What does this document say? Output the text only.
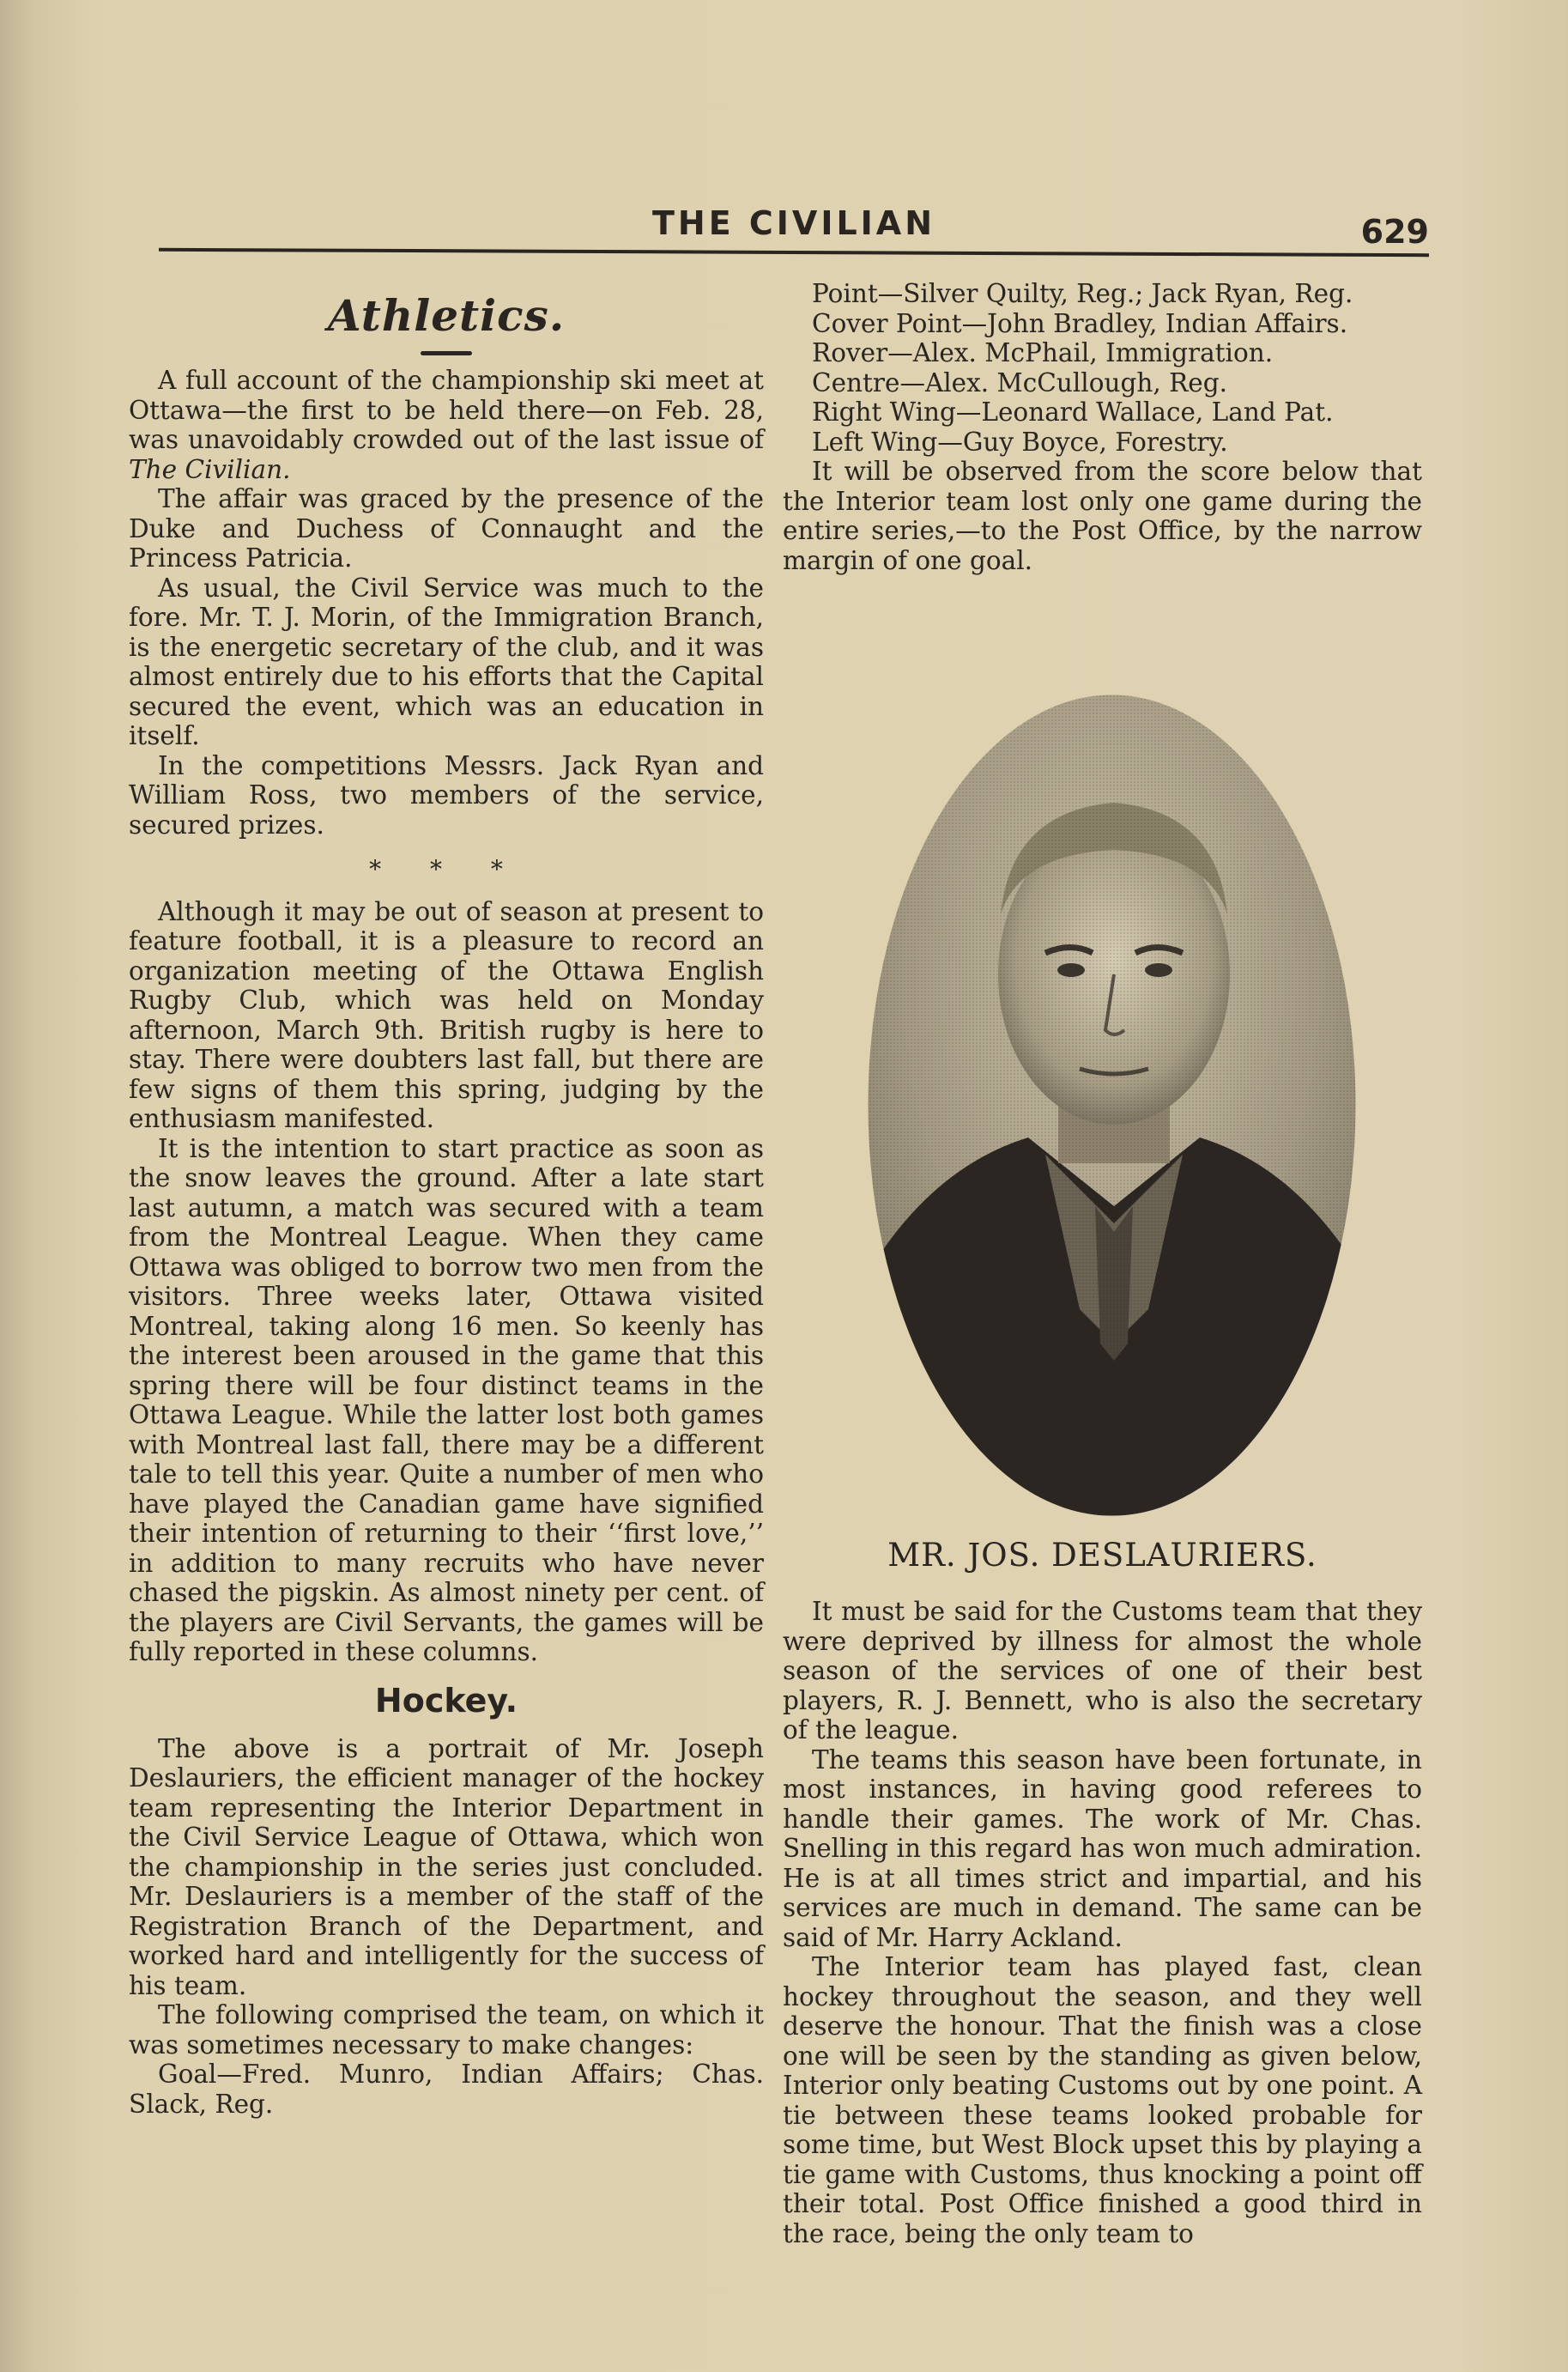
THE CIVILIAN	629
Athletics.

A full account of the championship ski meet at Ottawa—the first to be held there—on Feb. 28, was unavoidably crowded out of the last issue of The Civilian.

The affair was graced by the presence of the Duke and Duchess of Connaught and the Princess Patricia.

As usual, the Civil Service was much to the fore. Mr. T. J. Morin, of the Immigration Branch, is the energetic secretary of the club, and it was almost entirely due to his efforts that the Capital secured the event, which was an education in itself.

In the competitions Messrs. Jack Ryan and William Ross, two members of the service, secured prizes.

* * *

Although it may be out of season at present to feature football, it is a pleasure to record an organization meeting of the Ottawa English Rugby Club, which was held on Monday afternoon, March 9th. British rugby is here to stay. There were doubters last fall, but there are few signs of them this spring, judging by the enthusiasm manifested.

It is the intention to start practice as soon as the snow leaves the ground. After a late start last autumn, a match was secured with a team from the Montreal League. When they came Ottawa was obliged to borrow two men from the visitors. Three weeks later, Ottawa visited Montreal, taking along 16 men. So keenly has the interest been aroused in the game that this spring there will be four distinct teams in the Ottawa League. While the latter lost both games with Montreal last fall, there may be a different tale to tell this year. Quite a number of men who have played the Canadian game have signified their intention of returning to their ‘‘first love,’’ in addition to many recruits who have never chased the pigskin. As almost ninety per cent. of the players are Civil Servants, the games will be fully reported in these columns.

Hockey.

The above is a portrait of Mr. Joseph Deslauriers, the efficient manager of the hockey team representing the Interior Department in the Civil Service League of Ottawa, which won the championship in the series just concluded. Mr. Deslauriers is a member of the staff of the Registration Branch of the Department, and worked hard and intelligently for the success of his team.

The following comprised the team, on which it was sometimes necessary to make changes:

Goal—Fred. Munro, Indian Affairs; Chas. Slack, Reg.

Point—Silver Quilty, Reg.; Jack Ryan, Reg.

Cover Point—John Bradley, Indian Affairs.

Rover—Alex. McPhail, Immigration.

Centre—Alex. McCullough, Reg.

Right Wing—Leonard Wallace, Land Pat.

Left Wing—Guy Boyce, Forestry.

It will be observed from the score below that the Interior team lost only one game during the entire series,—to the Post Office, by the narrow margin of one goal.

MR. JOS. DESLAURIERS.

It must be said for the Customs team that they were deprived by illness for almost the whole season of the services of one of their best players, R. J. Bennett, who is also the secretary of the league.

The teams this season have been fortunate, in most instances, in having good referees to handle their games. The work of Mr. Chas. Snelling in this regard has won much admiration. He is at all times strict and impartial, and his services are much in demand. The same can be said of Mr. Harry Ackland.

The Interior team has played fast, clean hockey throughout the season, and they well deserve the honour. That the finish was a close one will be seen by the standing as given below, Interior only beating Customs out by one point. A tie between these teams looked probable for some time, but West Block upset this by playing a tie game with Customs, thus knocking a point off their total. Post Office finished a good third in the race, being the only team to
